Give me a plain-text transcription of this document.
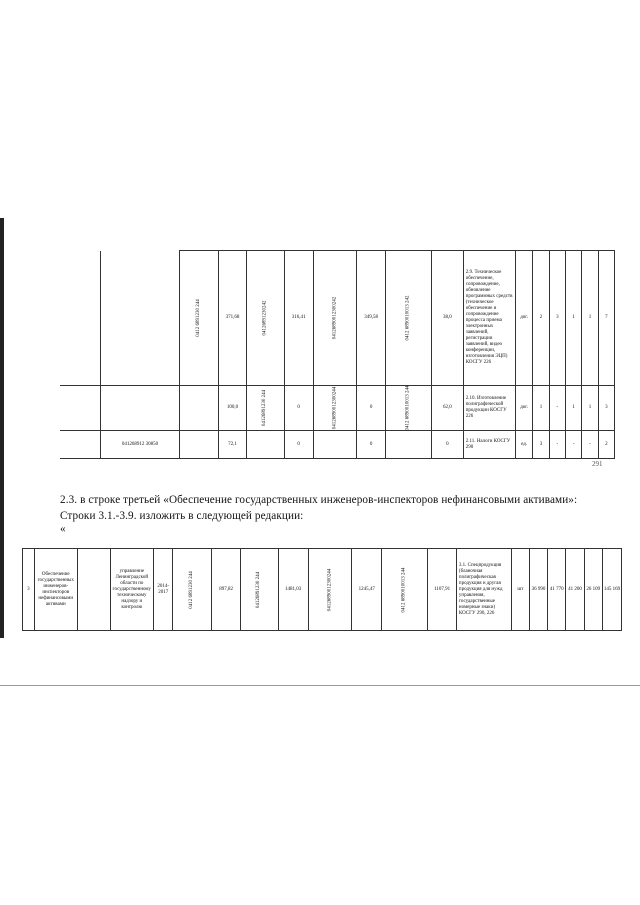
		0412 6891230 244	371,68	04126891230242	316,41	04126890012300242	349,58	0412 6890010013 242	38,0	2.9. Техническое обеспечение, сопровождение, обновление программных средств (техническое обеспечение и сопровождение процесса приема электронных заявлений, регистрации заявлений, видео конференции, изготовления ЭЦП) КОСГУ 226	дог.	2	3	1	1	7
			100,0	04126891230 244	0	04126890012300244	0	0412 6890010013 244	62,0	2.10. Изготовление полиграфической продукции КОСГУ 226	дог.	1	-	1	1	3
	041268912 30850		72,1		0		0		0	2.11. Налоги КОСГУ 290	ед.	3	-	-	-	2
291
2.3. в строке третьей «Обеспечение государственных инженеров-инспекторов нефинансовыми активами»:
Строки 3.1.-3.9. изложить в следующей редакции:
«
3	Обеспечение государственных инженеров-инспекторов нефинансовыми активами		управление Ленинградской области по государственному техническому надзору и контролю	2014-2017	0412 6891230 244	897,82	04126891230 244	1481,03	04126890012300244	1245,47	0412 6890010013 244	1107,91	3.1. Спецпродукция (бланочная полиграфическая продукция и другая продукция для нужд управления, государственные номерные знаки) КОСГУ 290, 226	шт	36 990	41 770	41 200	26 109	145 169
